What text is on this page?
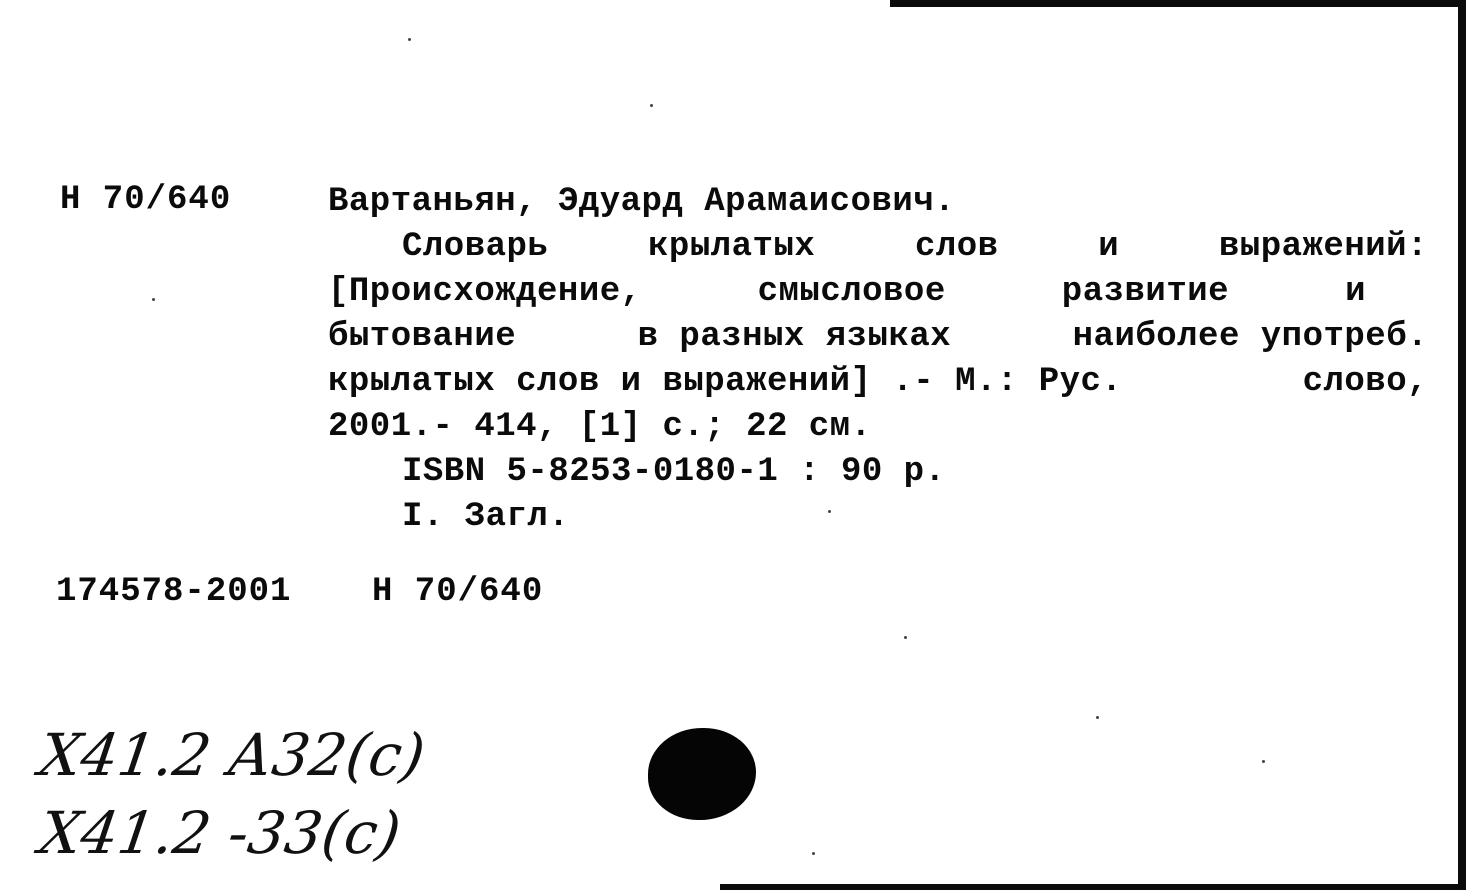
Н 70/640	Вартаньян, Эдуард Арамаисович.
Словарь	крылатых	слов	и	выражений:
[Происхождение,	смысловое	развитие	и
бытование	в разных языках	наиболее употреб.
крылатых слов и выражений] .- М.: Рус.	слово,
2001.- 414, [1] с.; 22 см.
ISBN 5-8253-0180-1 : 90 р.
I. Загл.
174578-2001 Н 70/640
Х41.2 А32(с)
Х41.2 -33(с)
